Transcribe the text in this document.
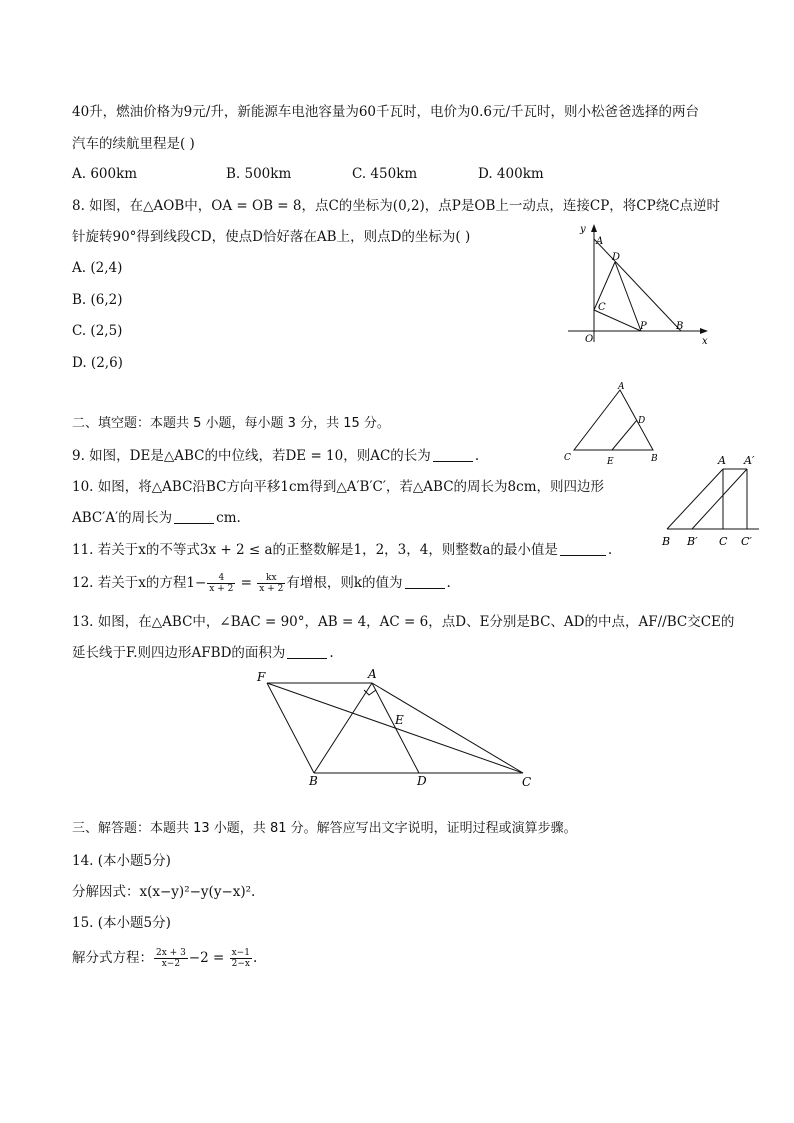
40升，燃油价格为9元/升，新能源车电池容量为60千瓦时，电价为0.6元/千瓦时，则小松爸爸选择的两台
汽车的续航里程是( )
A. 600km	B. 500km	C. 450km	D. 400km
8. 如图，在△AOB中，OA = OB = 8，点C的坐标为(0,2)，点P是OB上一动点，连接CP，将CP绕C点逆时
针旋转90°得到线段CD，使点D恰好落在AB上，则点D的坐标为( )
A. (2,4)
B. (6,2)
C. (2,5)
D. (2,6)
y
x
A
D
C
P	B
O
二、填空题：本题共 5 小题，每小题 3 分，共 15 分。
A
D
C	E	B
9. 如图，DE是△ABC的中位线，若DE = 10，则AC的长为	.	A A′
B B′ C C′
10. 如图，将△ABC沿BC方向平移1cm得到△A′B′C′，若△ABC的周长为8cm，则四边形
ABC′A′的周长为	cm.
11. 若关于x的不等式3x + 2 ≤ a的正整数解是1，2，3，4，则整数a的最小值是	.
12. 若关于x的方程$1- \frac{4}{x + 2} = \frac{kx}{x + 2}$ 有增根，则k的值为	.
13. 如图，在△ABC中，∠BAC = 90°，AB = 4，AC = 6，点D、E分别是BC、AD的中点，AF//BC交CE的
延长线于F.则四边形AFBD的面积为	.
F	A
E
B	D	C
三、解答题：本题共 13 小题，共 81 分。解答应写出文字说明，证明过程或演算步骤。
14. (本小题5分)
分解因式：x(x−y)²−y(y−x)².
15. (本小题5分)
解分式方程： $\frac{2x + 3}{x-2} -2 = \frac{x-1}{2-x}$ .
